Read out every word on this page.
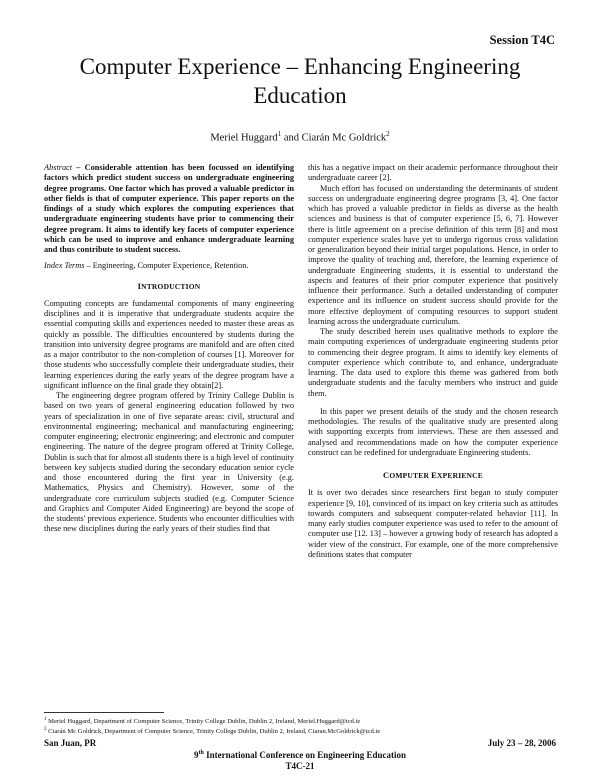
Session T4C
Computer Experience – Enhancing Engineering Education
Meriel Huggard$^1$ and Ciarán Mc Goldrick$^2$

Abstract – Considerable attention has been focussed on identifying factors which predict student success on undergraduate engineering degree programs. One factor which has proved a valuable predictor in other fields is that of computer experience. This paper reports on the findings of a study which explores the computing experiences that undergraduate engineering students have prior to commencing their degree program. It aims to identify key facets of computer experience which can be used to improve and enhance undergraduate learning and thus contribute to student success.

Index Terms – Engineering, Computer Experience, Retention.

INTRODUCTION

Computing concepts are fundamental components of many engineering disciplines and it is imperative that undergraduate students acquire the essential computing skills and experiences needed to master these areas as quickly as possible. The difficulties encountered by students during the transition into university degree programs are manifold and are often cited as a major contributor to the non-completion of courses [1]. Moreover for those students who successfully complete their undergraduate studies, their learning experiences during the early years of the degree program have a significant influence on the final grade they obtain[2].

The engineering degree program offered by Trinity College Dublin is based on two years of general engineering education followed by two years of specialization in one of five separate areas: civil, structural and environmental engineering; mechanical and manufacturing engineering; computer engineering; electronic engineering; and electronic and computer engineering. The nature of the degree program offered at Trinity College, Dublin is such that for almost all students there is a high level of continuity between key subjects studied during the secondary education senior cycle and those encountered during the first year in University (e.g. Mathematics, Physics and Chemistry). However, some of the undergraduate core curriculum subjects studied (e.g. Computer Science and Graphics and Computer Aided Engineering) are beyond the scope of the students' previous experience. Students who encounter difficulties with these new disciplines during the early years of their studies find that

this has a negative impact on their academic performance throughout their undergraduate career [2].

Much effort has focused on understanding the determinants of student success on undergraduate engineering degree programs [3, 4]. One factor which has proved a valuable predictor in fields as diverse as the health sciences and business is that of computer experience [5, 6, 7]. However there is little agreement on a precise definition of this term [8] and most computer experience scales have yet to undergo rigorous cross validation or generalization beyond their initial target populations. Hence, in order to improve the quality of teaching and, therefore, the learning experience of undergraduate Engineering students, it is essential to understand the aspects and features of their prior computer experience that positively influence their performance. Such a detailed understanding of computer experience and its influence on student success should provide for the more effective deployment of computing resources to support student learning across the undergraduate curriculum.

The study described herein uses qualitative methods to explore the main computing experiences of undergraduate engineering students prior to commencing their degree program. It aims to identify key elements of computer experience which contribute to, and enhance, undergraduate learning. The data used to explore this theme was gathered from both undergraduate students and the faculty members who instruct and guide them.

In this paper we present details of the study and the chosen research methodologies. The results of the qualitative study are presented along with supporting excerpts from interviews. These are then assessed and analysed and recommendations made on how the computer experience construct can be redefined for undergraduate Engineering students.

COMPUTER EXPERIENCE

It is over two decades since researchers first began to study computer experience [9, 10], convinced of its impact on key criteria such as attitudes towards computers and subsequent computer-related behavior [11]. In many early studies computer experience was used to refer to the amount of computer use [12. 13] – however a growing body of research has adopted a wider view of the construct. For example, one of the more comprehensive definitions states that computer

$^1$ Meriel Huggard, Department of Computer Science, Trinity College Dublin, Dublin 2, Ireland, Meriel.Huggard@tcd.ie
$^2$ Ciarán Mc Goldrick, Department of Computer Science, Trinity College Dublin, Dublin 2, Ireland, Ciaran.McGoldrick@tcd.ie
San Juan, PR	July 23 – 28, 2006
9th International Conference on Engineering Education
T4C-21
